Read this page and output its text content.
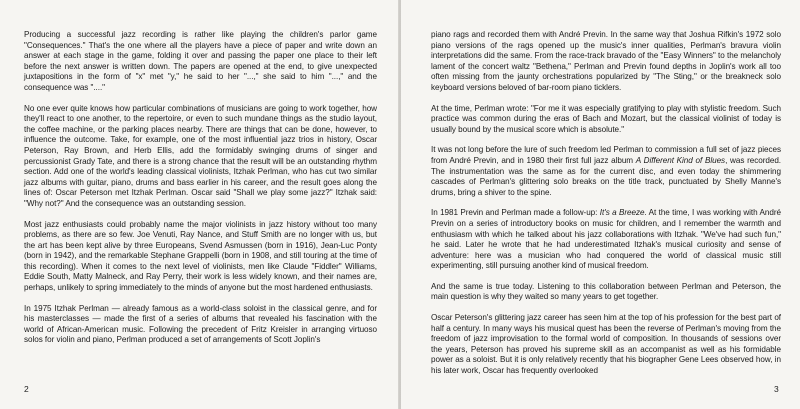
Producing a successful jazz recording is rather like playing the children's parlor game "Consequences." That's the one where all the players have a piece of paper and write down an answer at each stage in the game, folding it over and passing the paper one place to their left before the next answer is written down. The papers are opened at the end, to give unexpected juxtapositions in the form of "x" met "y," he said to her "...," she said to him "...," and the consequence was "...."

No one ever quite knows how particular combinations of musicians are going to work together, how they'll react to one another, to the repertoire, or even to such mundane things as the studio layout, the coffee machine, or the parking places nearby. There are things that can be done, however, to influence the outcome. Take, for example, one of the most influential jazz trios in history, Oscar Peterson, Ray Brown, and Herb Ellis, add the formidably swinging drums of singer and percussionist Grady Tate, and there is a strong chance that the result will be an outstanding rhythm section. Add one of the world's leading classical violinists, Itzhak Perlman, who has cut two similar jazz albums with guitar, piano, drums and bass earlier in his career, and the result goes along the lines of: Oscar Peterson met Itzhak Perlman. Oscar said "Shall we play some jazz?" Itzhak said: "Why not?" And the consequence was an outstanding session.

Most jazz enthusiasts could probably name the major violinists in jazz history without too many problems, as there are so few. Joe Venuti, Ray Nance, and Stuff Smith are no longer with us, but the art has been kept alive by three Europeans, Svend Asmussen (born in 1916), Jean-Luc Ponty (born in 1942), and the remarkable Stephane Grappelli (born in 1908, and still touring at the time of this recording). When it comes to the next level of violinists, men like Claude "Fiddler" Williams, Eddie South, Matty Malneck, and Ray Perry, their work is less widely known, and their names are, perhaps, unlikely to spring immediately to the minds of anyone but the most hardened enthusiasts.

In 1975 Itzhak Perlman — already famous as a world-class soloist in the classical genre, and for his masterclasses — made the first of a series of albums that revealed his fascination with the world of African-American music. Following the precedent of Fritz Kreisler in arranging virtuoso solos for violin and piano, Perlman produced a set of arrangements of Scott Joplin's

2

piano rags and recorded them with André Previn. In the same way that Joshua Rifkin's 1972 solo piano versions of the rags opened up the music's inner qualities, Perlman's bravura violin interpretations did the same. From the race-track bravado of the "Easy Winners" to the melancholy lament of the concert waltz "Bethena," Perlman and Previn found depths in Joplin's work all too often missing from the jaunty orchestrations popularized by "The Sting," or the breakneck solo keyboard versions beloved of bar-room piano ticklers.

At the time, Perlman wrote: "For me it was especially gratifying to play with stylistic freedom. Such practice was common during the eras of Bach and Mozart, but the classical violinist of today is usually bound by the musical score which is absolute."

It was not long before the lure of such freedom led Perlman to commission a full set of jazz pieces from André Previn, and in 1980 their first full jazz album A Different Kind of Blues, was recorded. The instrumentation was the same as for the current disc, and even today the shimmering cascades of Perlman's glittering solo breaks on the title track, punctuated by Shelly Manne's drums, bring a shiver to the spine.

In 1981 Previn and Perlman made a follow-up: It's a Breeze. At the time, I was working with André Previn on a series of introductory books on music for children, and I remember the warmth and enthusiasm with which he talked about his jazz collaborations with Itzhak. "We've had such fun," he said. Later he wrote that he had underestimated Itzhak's musical curiosity and sense of adventure: here was a musician who had conquered the world of classical music still experimenting, still pursuing another kind of musical freedom.

And the same is true today. Listening to this collaboration between Perlman and Peterson, the main question is why they waited so many years to get together.

Oscar Peterson's glittering jazz career has seen him at the top of his profession for the best part of half a century. In many ways his musical quest has been the reverse of Perlman's moving from the freedom of jazz improvisation to the formal world of composition. In thousands of sessions over the years, Peterson has proved his supreme skill as an accompanist as well as his formidable power as a soloist. But it is only relatively recently that his biographer Gene Lees observed how, in his later work, Oscar has frequently overlooked

3
